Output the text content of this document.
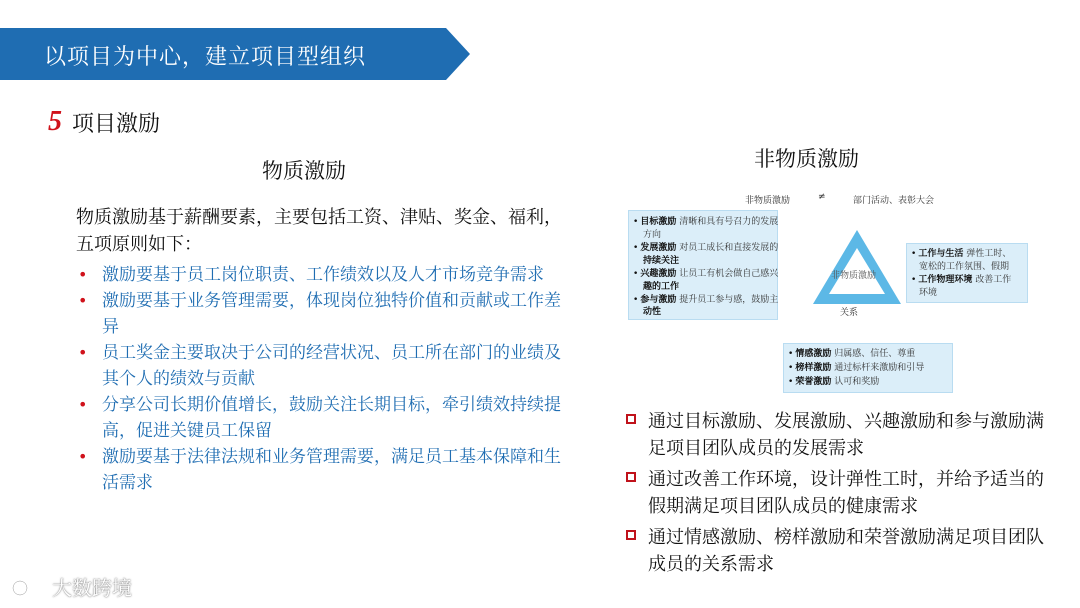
以项目为中心，建立项目型组织
5 项目激励
物质激励
物质激励基于薪酬要素，主要包括工资、津贴、奖金、福利，五项原则如下：
• 激励要基于员工岗位职责、工作绩效以及人才市场竞争需求
• 激励要基于业务管理需要，体现岗位独特价值和贡献或工作差异
• 员工奖金主要取决于公司的经营状况、员工所在部门的业绩及其个人的绩效与贡献
• 分享公司长期价值增长，鼓励关注长期目标，牵引绩效持续提高，促进关键员工保留
• 激励要基于法律法规和业务管理需要，满足员工基本保障和生活需求
非物质激励
非物质激励	≠	部门活动、表彰大会
• 目标激励 清晰和具有号召力的发展
方向
• 发展激励 对员工成长和直接发展的
持续关注
• 兴趣激励 让员工有机会做自己感兴
趣的工作
• 参与激励 提升员工参与感，鼓励主
动性
发展	健康
非物质激励
关系
• 工作与生活 弹性工时、
宽松的工作氛围、假期
• 工作物理环境 改善工作
环境
• 情感激励 归属感、信任、尊重
• 榜样激励 通过标杆来激励和引导
• 荣誉激励 认可和奖励
通过目标激励、发展激励、兴趣激励和参与激励满足项目团队成员的发展需求
通过改善工作环境，设计弹性工时，并给予适当的假期满足项目团队成员的健康需求
通过情感激励、榜样激励和荣誉激励满足项目团队成员的关系需求
大数跨境
